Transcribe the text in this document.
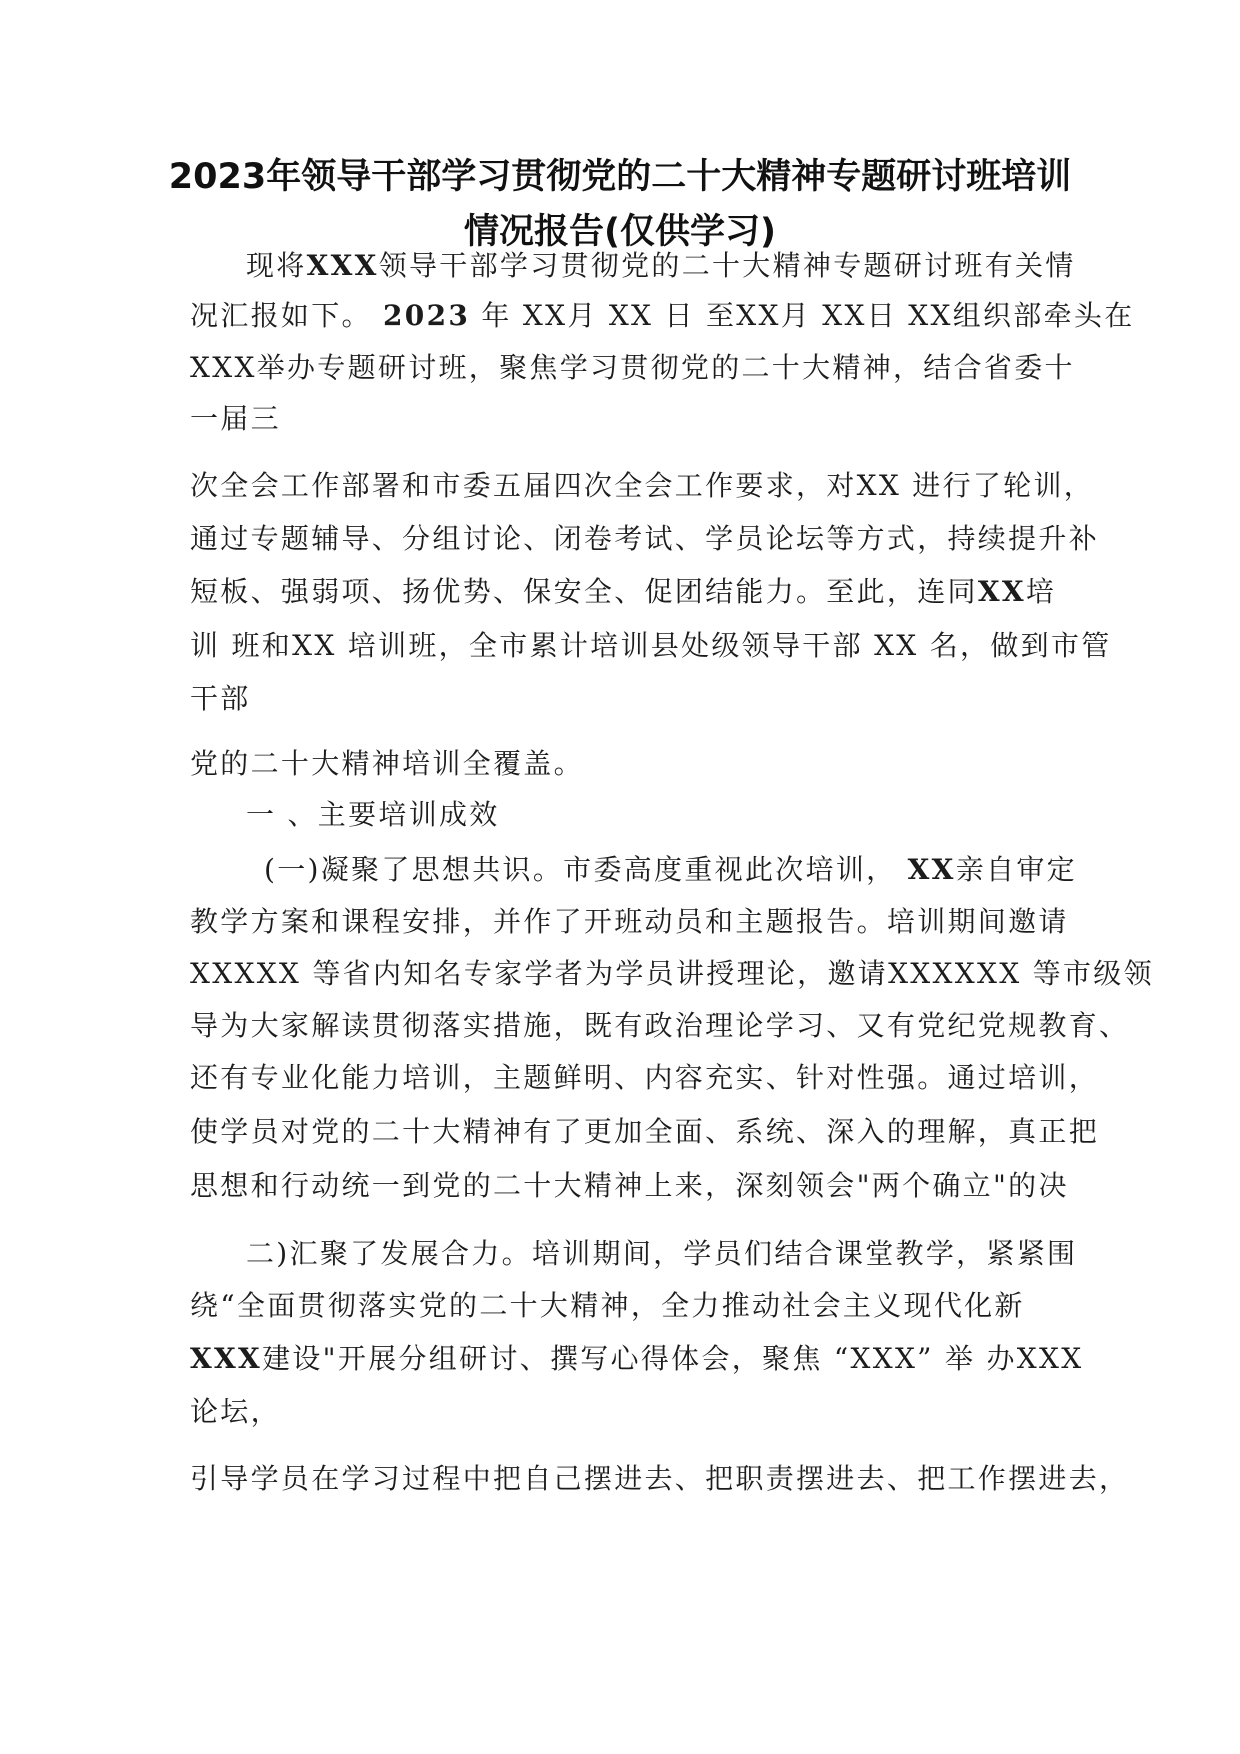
2023年领导干部学习贯彻党的二十大精神专题研讨班培训
情况报告(仅供学习)
现将XXX领导干部学习贯彻党的二十大精神专题研讨班有关情
况汇报如下。 2023 年 XX月 XX 日 至XX月 XX日 XX组织部牵头在
XXX举办专题研讨班，聚焦学习贯彻党的二十大精神，结合省委十
一届三
次全会工作部署和市委五届四次全会工作要求，对XX 进行了轮训，
通过专题辅导、分组讨论、闭卷考试、学员论坛等方式，持续提升补
短板、强弱项、扬优势、保安全、促团结能力。至此，连同XX培
训 班和XX 培训班，全市累计培训县处级领导干部 XX 名，做到市管
干部
党的二十大精神培训全覆盖。
一 、主要培训成效
(一)凝聚了思想共识。市委高度重视此次培训， XX亲自审定
教学方案和课程安排，并作了开班动员和主题报告。培训期间邀请
XXXXX 等省内知名专家学者为学员讲授理论，邀请XXXXXX 等市级领
导为大家解读贯彻落实措施，既有政治理论学习、又有党纪党规教育、
还有专业化能力培训，主题鲜明、内容充实、针对性强。通过培训，
使学员对党的二十大精神有了更加全面、系统、深入的理解，真正把
思想和行动统一到党的二十大精神上来，深刻领会"两个确立"的决
二)汇聚了发展合力。培训期间，学员们结合课堂教学，紧紧围
绕“全面贯彻落实党的二十大精神，全力推动社会主义现代化新
XXX建设"开展分组研讨、撰写心得体会，聚焦 “XXX” 举 办XXX
论坛，
引导学员在学习过程中把自己摆进去、把职责摆进去、把工作摆进去，
